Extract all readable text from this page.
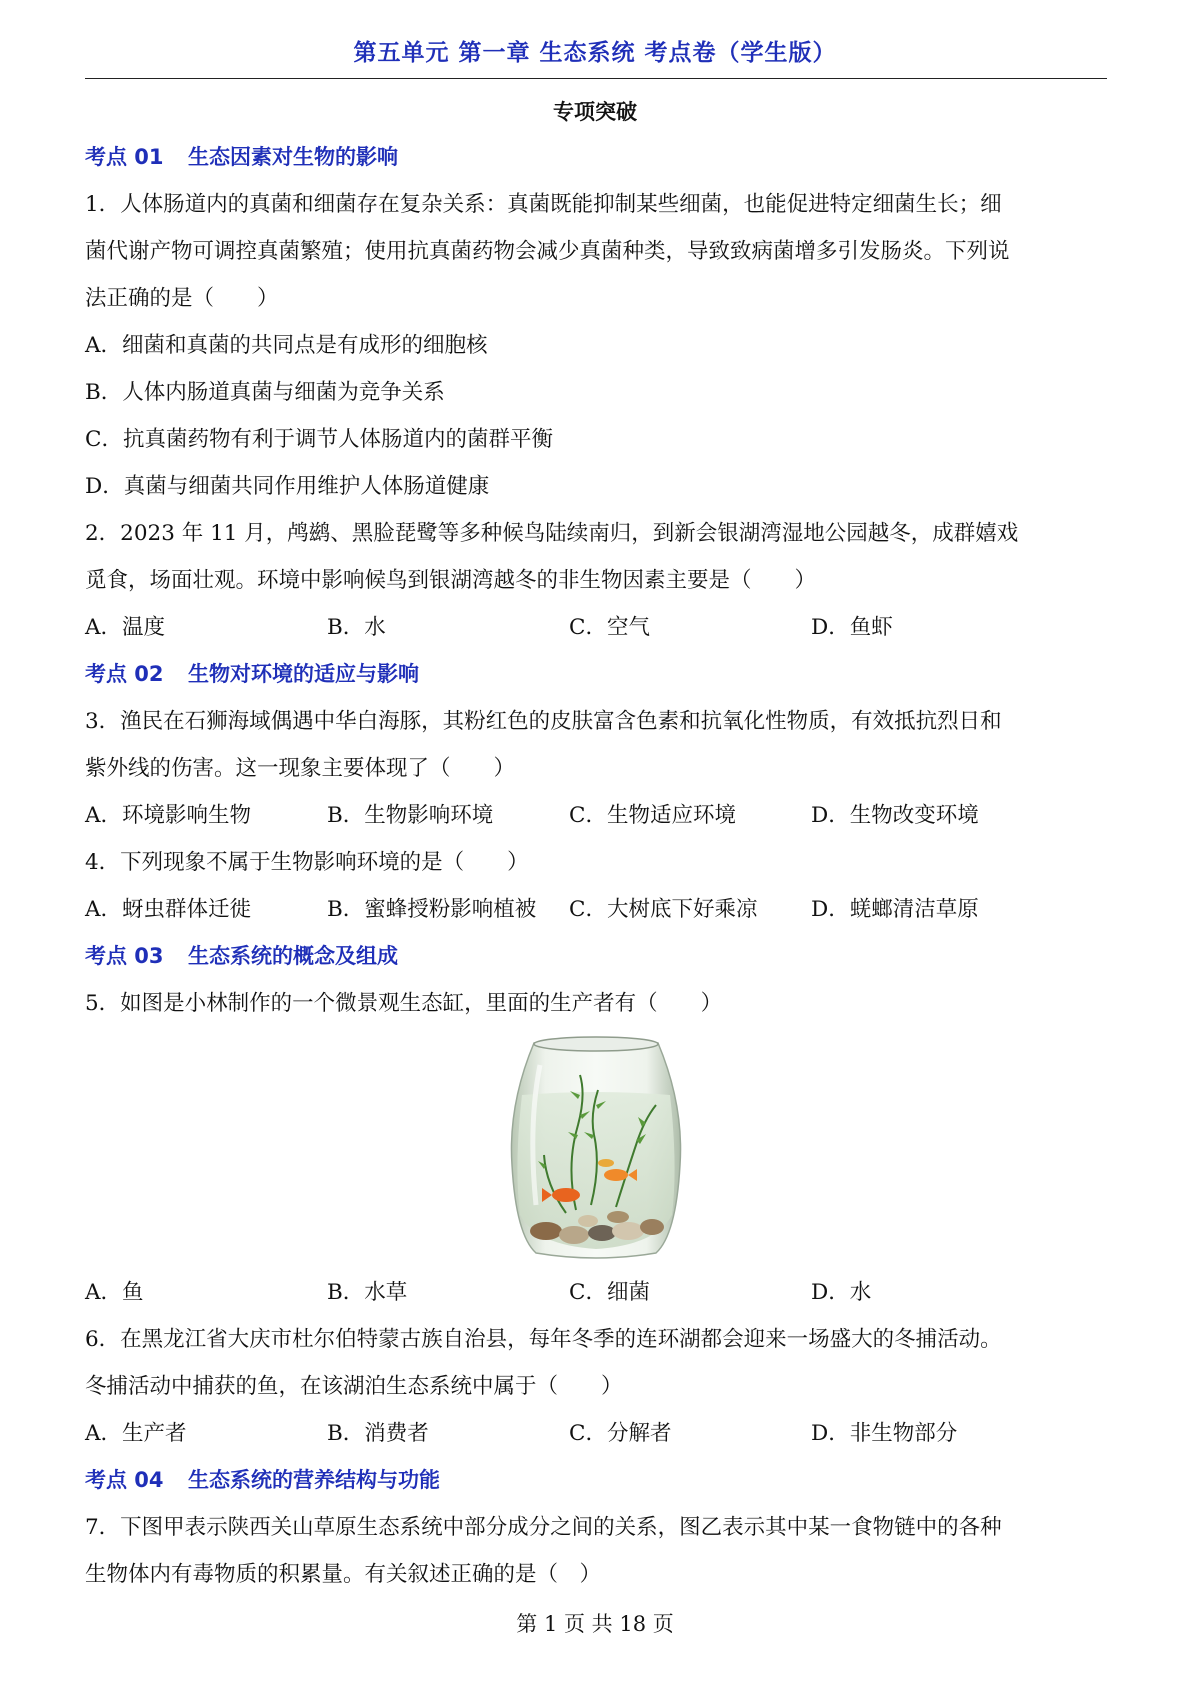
第五单元 第一章 生态系统 考点卷（学生版）
专项突破
考点 01 生态因素对生物的影响
1．人体肠道内的真菌和细菌存在复杂关系：真菌既能抑制某些细菌，也能促进特定细菌生长；细
菌代谢产物可调控真菌繁殖；使用抗真菌药物会减少真菌种类，导致致病菌增多引发肠炎。下列说
法正确的是（　　）
A．细菌和真菌的共同点是有成形的细胞核
B．人体内肠道真菌与细菌为竞争关系
C．抗真菌药物有利于调节人体肠道内的菌群平衡
D．真菌与细菌共同作用维护人体肠道健康
2．2023 年 11 月，鸬鹚、黑脸琵鹭等多种候鸟陆续南归，到新会银湖湾湿地公园越冬，成群嬉戏
觅食，场面壮观。环境中影响候鸟到银湖湾越冬的非生物因素主要是（　　）
A．温度	B．水	C．空气	D．鱼虾
考点 02 生物对环境的适应与影响
3．渔民在石狮海域偶遇中华白海豚，其粉红色的皮肤富含色素和抗氧化性物质，有效抵抗烈日和
紫外线的伤害。这一现象主要体现了（　　）
A．环境影响生物	B．生物影响环境	C．生物适应环境	D．生物改变环境
4．下列现象不属于生物影响环境的是（　　）
A．蚜虫群体迁徙	B．蜜蜂授粉影响植被	C．大树底下好乘凉	D．蜣螂清洁草原
考点 03 生态系统的概念及组成
5．如图是小林制作的一个微景观生态缸，里面的生产者有（　　）
A．鱼	B．水草	C．细菌	D．水
6．在黑龙江省大庆市杜尔伯特蒙古族自治县，每年冬季的连环湖都会迎来一场盛大的冬捕活动。
冬捕活动中捕获的鱼，在该湖泊生态系统中属于（　　）
A．生产者	B．消费者	C．分解者	D．非生物部分
考点 04 生态系统的营养结构与功能
7．下图甲表示陕西关山草原生态系统中部分成分之间的关系，图乙表示其中某一食物链中的各种
生物体内有毒物质的积累量。有关叙述正确的是（　）
第 1 页 共 18 页
